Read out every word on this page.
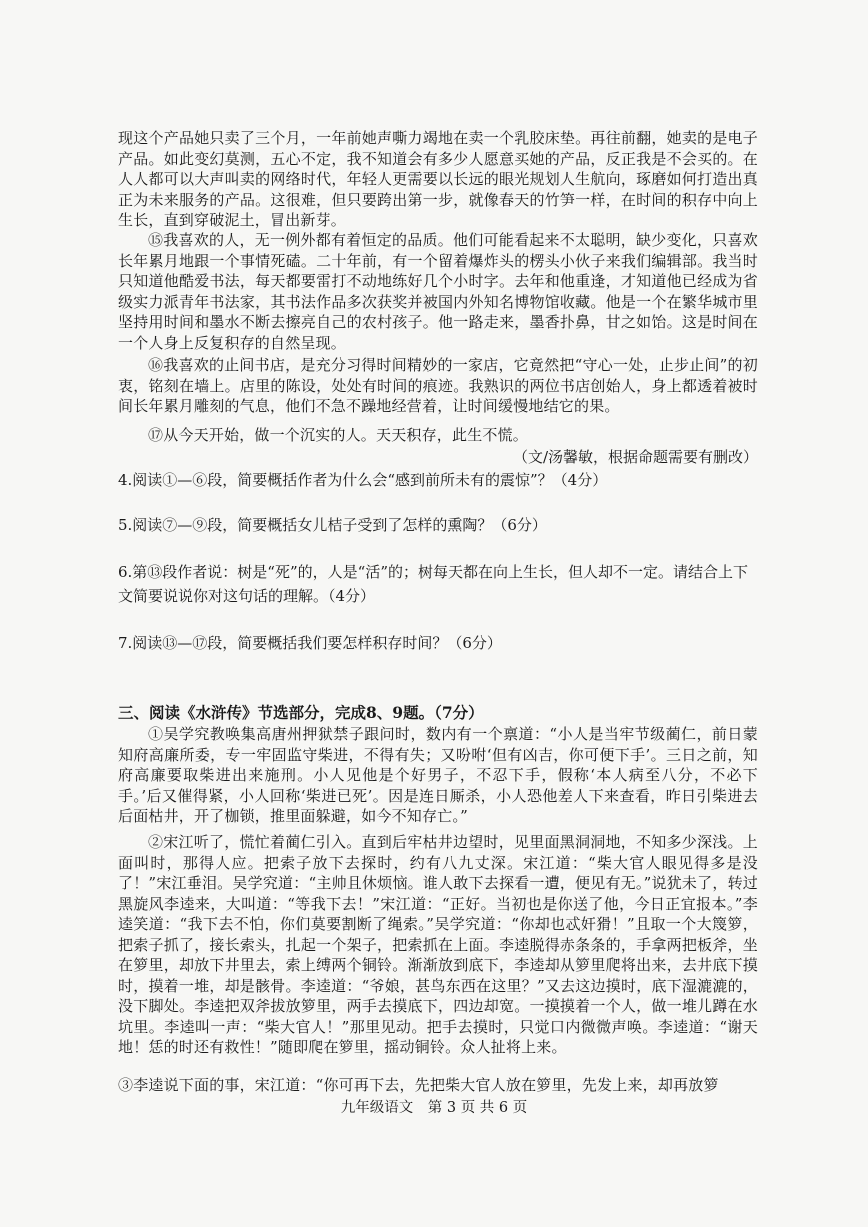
现这个产品她只卖了三个月，一年前她声嘶力竭地在卖一个乳胶床垫。再往前翻，她卖的是电子产品。如此变幻莫测，五心不定，我不知道会有多少人愿意买她的产品，反正我是不会买的。在人人都可以大声叫卖的网络时代，年轻人更需要以长远的眼光规划人生航向，琢磨如何打造出真正为未来服务的产品。这很难，但只要跨出第一步，就像春天的竹笋一样，在时间的积存中向上生长，直到穿破泥土，冒出新芽。

⑮我喜欢的人，无一例外都有着恒定的品质。他们可能看起来不太聪明，缺少变化，只喜欢长年累月地跟一个事情死磕。二十年前，有一个留着爆炸头的楞头小伙子来我们编辑部。我当时只知道他酷爱书法，每天都要雷打不动地练好几个小时字。去年和他重逢，才知道他已经成为省级实力派青年书法家，其书法作品多次获奖并被国内外知名博物馆收藏。他是一个在繁华城市里坚持用时间和墨水不断去擦亮自己的农村孩子。他一路走来，墨香扑鼻，甘之如饴。这是时间在一个人身上反复积存的自然呈现。

⑯我喜欢的止间书店，是充分习得时间精妙的一家店，它竟然把“守心一处，止步止间”的初衷，铭刻在墙上。店里的陈设，处处有时间的痕迹。我熟识的两位书店创始人，身上都透着被时间长年累月雕刻的气息，他们不急不躁地经营着，让时间缓慢地结它的果。

⑰从今天开始，做一个沉实的人。天天积存，此生不慌。

（文/汤馨敏，根据命题需要有删改）

4.阅读①—⑥段，简要概括作者为什么会“感到前所未有的震惊”？（4分）

5.阅读⑦—⑨段，简要概括女儿桔子受到了怎样的熏陶？（6分）

6.第⑬段作者说：树是“死”的，人是“活”的；树每天都在向上生长，但人却不一定。请结合上下文简要说说你对这句话的理解。（4分）

7.阅读⑬—⑰段，简要概括我们要怎样积存时间？（6分）

三、阅读《水浒传》节选部分，完成8、9题。（7分）

①吴学究教唤集高唐州押狱禁子跟问时，数内有一个禀道：“小人是当牢节级蔺仁，前日蒙知府高廉所委，专一牢固监守柴进，不得有失；又吩咐‘但有凶吉，你可便下手’。三日之前，知府高廉要取柴进出来施刑。小人见他是个好男子，不忍下手，假称‘本人病至八分，不必下手。’后又催得紧，小人回称‘柴进已死’。因是连日厮杀，小人恐他差人下来查看，昨日引柴进去后面枯井，开了枷锁，推里面躲避，如今不知存亡。”

②宋江听了，慌忙着蔺仁引入。直到后牢枯井边望时，见里面黑洞洞地，不知多少深浅。上面叫时，那得人应。把索子放下去探时，约有八九丈深。宋江道：“柴大官人眼见得多是没了！”宋江垂泪。吴学究道：“主帅且休烦恼。谁人敢下去探看一遭，便见有无。”说犹未了，转过黑旋风李逵来，大叫道：“等我下去！”宋江道：“正好。当初也是你送了他，今日正宜报本。”李逵笑道：“我下去不怕，你们莫要割断了绳索。”吴学究道：“你却也忒奸猾！”且取一个大篾箩，把索子抓了，接长索头，扎起一个架子，把索抓在上面。李逵脱得赤条条的，手拿两把板斧，坐在箩里，却放下井里去，索上缚两个铜铃。渐渐放到底下，李逵却从箩里爬将出来，去井底下摸时，摸着一堆，却是骸骨。李逵道：“爷娘，甚鸟东西在这里？”又去这边摸时，底下湿漉漉的，没下脚处。李逵把双斧拔放箩里，两手去摸底下，四边却宽。一摸摸着一个人，做一堆儿蹲在水坑里。李逵叫一声：“柴大官人！”那里见动。把手去摸时，只觉口内微微声唤。李逵道：“谢天地！恁的时还有救性！”随即爬在箩里，摇动铜铃。众人扯将上来。

③李逵说下面的事，宋江道：“你可再下去，先把柴大官人放在箩里，先发上来，却再放箩

九年级语文　第 3 页 共 6 页
